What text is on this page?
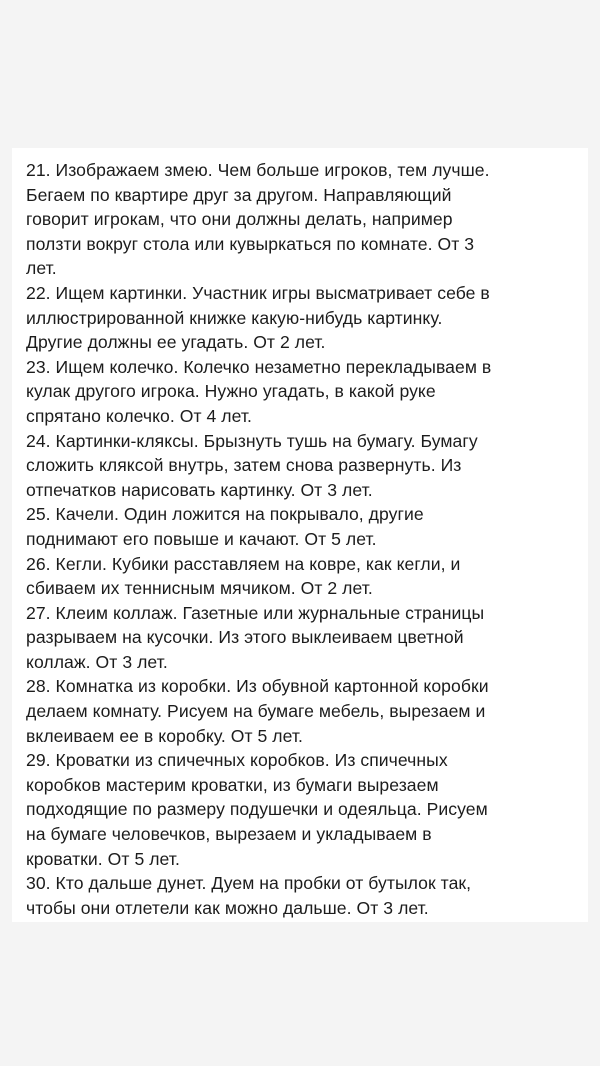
21. Изображаем змею. Чем больше игроков, тем лучше.
Бегаем по квартире друг за другом. Направляющий
говорит игрокам, что они должны делать, например
ползти вокруг стола или кувыркаться по комнате. От 3
лет.
22. Ищем картинки. Участник игры высматривает себе в
иллюстрированной книжке какую-нибудь картинку.
Другие должны ее угадать. От 2 лет.
23. Ищем колечко. Колечко незаметно перекладываем в
кулак другого игрока. Нужно угадать, в какой руке
спрятано колечко. От 4 лет.
24. Картинки-кляксы. Брызнуть тушь на бумагу. Бумагу
сложить кляксой внутрь, затем снова развернуть. Из
отпечатков нарисовать картинку. От 3 лет.
25. Качели. Один ложится на покрывало, другие
поднимают его повыше и качают. От 5 лет.
26. Кегли. Кубики расставляем на ковре, как кегли, и
сбиваем их теннисным мячиком. От 2 лет.
27. Клеим коллаж. Газетные или журнальные страницы
разрываем на кусочки. Из этого выклеиваем цветной
коллаж. От 3 лет.
28. Комнатка из коробки. Из обувной картонной коробки
делаем комнату. Рисуем на бумаге мебель, вырезаем и
вклеиваем ее в коробку. От 5 лет.
29. Кроватки из спичечных коробков. Из спичечных
коробков мастерим кроватки, из бумаги вырезаем
подходящие по размеру подушечки и одеяльца. Рисуем
на бумаге человечков, вырезаем и укладываем в
кроватки. От 5 лет.
30. Кто дальше дунет. Дуем на пробки от бутылок так,
чтобы они отлетели как можно дальше. От 3 лет.
